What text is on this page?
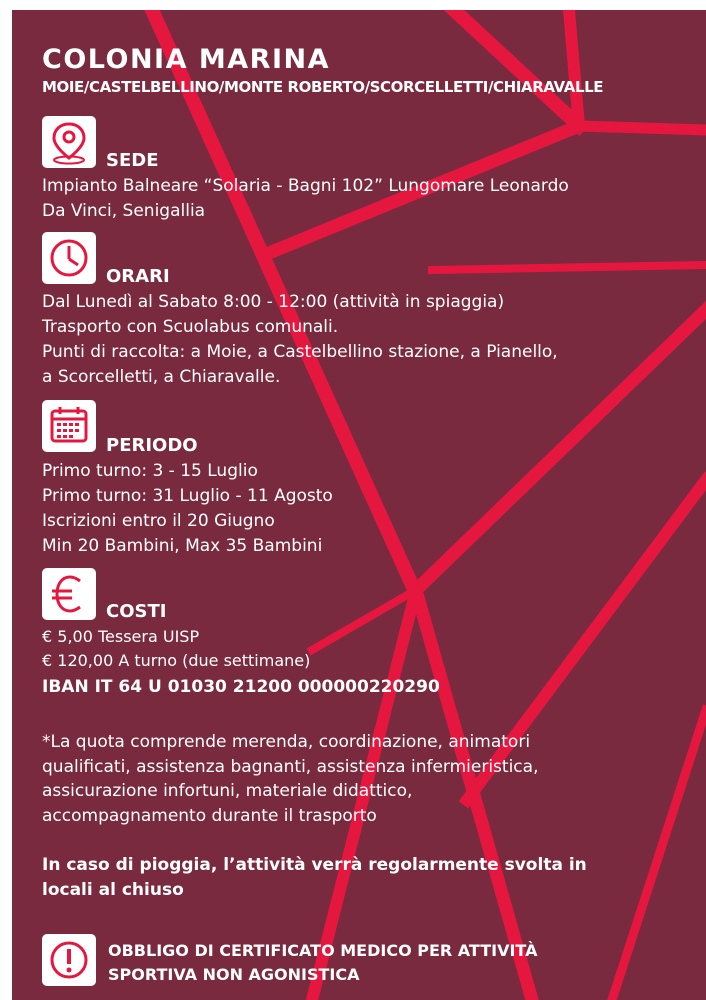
COLONIA MARINA
MOIE/CASTELBELLINO/MONTE ROBERTO/SCORCELLETTI/CHIARAVALLE
SEDE
Impianto Balneare “Solaria - Bagni 102” Lungomare Leonardo
Da Vinci, Senigallia
ORARI
Dal Lunedì al Sabato 8:00 - 12:00 (attività in spiaggia)
Trasporto con Scuolabus comunali.
Punti di raccolta: a Moie, a Castelbellino stazione, a Pianello,
a Scorcelletti, a Chiaravalle.
PERIODO
Primo turno: 3 - 15 Luglio
Primo turno: 31 Luglio - 11 Agosto
Iscrizioni entro il 20 Giugno
Min 20 Bambini, Max 35 Bambini
COSTI
€ 5,00 Tessera UISP
€ 120,00 A turno (due settimane)
IBAN IT 64 U 01030 21200 000000220290
*La quota comprende merenda, coordinazione, animatori
qualificati, assistenza bagnanti, assistenza infermieristica,
assicurazione infortuni, materiale didattico,
accompagnamento durante il trasporto
In caso di pioggia, l’attività verrà regolarmente svolta in
locali al chiuso
OBBLIGO DI CERTIFICATO MEDICO PER ATTIVITÀ
SPORTIVA NON AGONISTICA
